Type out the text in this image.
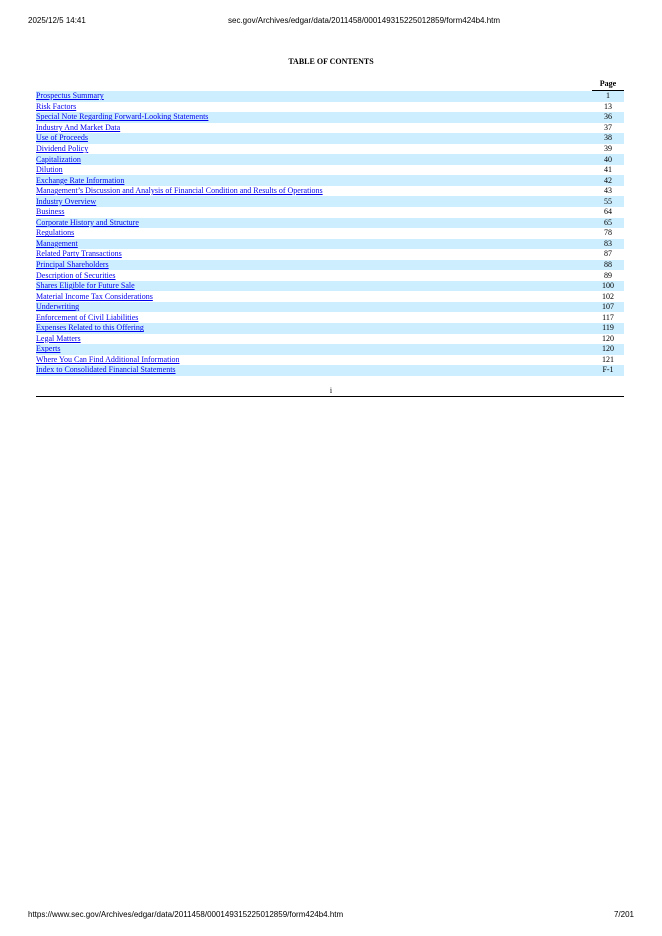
2025/12/5 14:41	sec.gov/Archives/edgar/data/2011458/000149315225012859/form424b4.htm
TABLE OF CONTENTS
		Page
Prospectus Summary		1
Risk Factors		13
Special Note Regarding Forward-Looking Statements		36
Industry And Market Data		37
Use of Proceeds		38
Dividend Policy		39
Capitalization		40
Dilution		41
Exchange Rate Information		42
Management’s Discussion and Analysis of Financial Condition and Results of Operations		43
Industry Overview		55
Business		64
Corporate History and Structure		65
Regulations		78
Management		83
Related Party Transactions		87
Principal Shareholders		88
Description of Securities		89
Shares Eligible for Future Sale		100
Material Income Tax Considerations		102
Underwriting		107
Enforcement of Civil Liabilities		117
Expenses Related to this Offering		119
Legal Matters		120
Experts		120
Where You Can Find Additional Information		121
Index to Consolidated Financial Statements		F-1
i
https://www.sec.gov/Archives/edgar/data/2011458/000149315225012859/form424b4.htm	7/201
